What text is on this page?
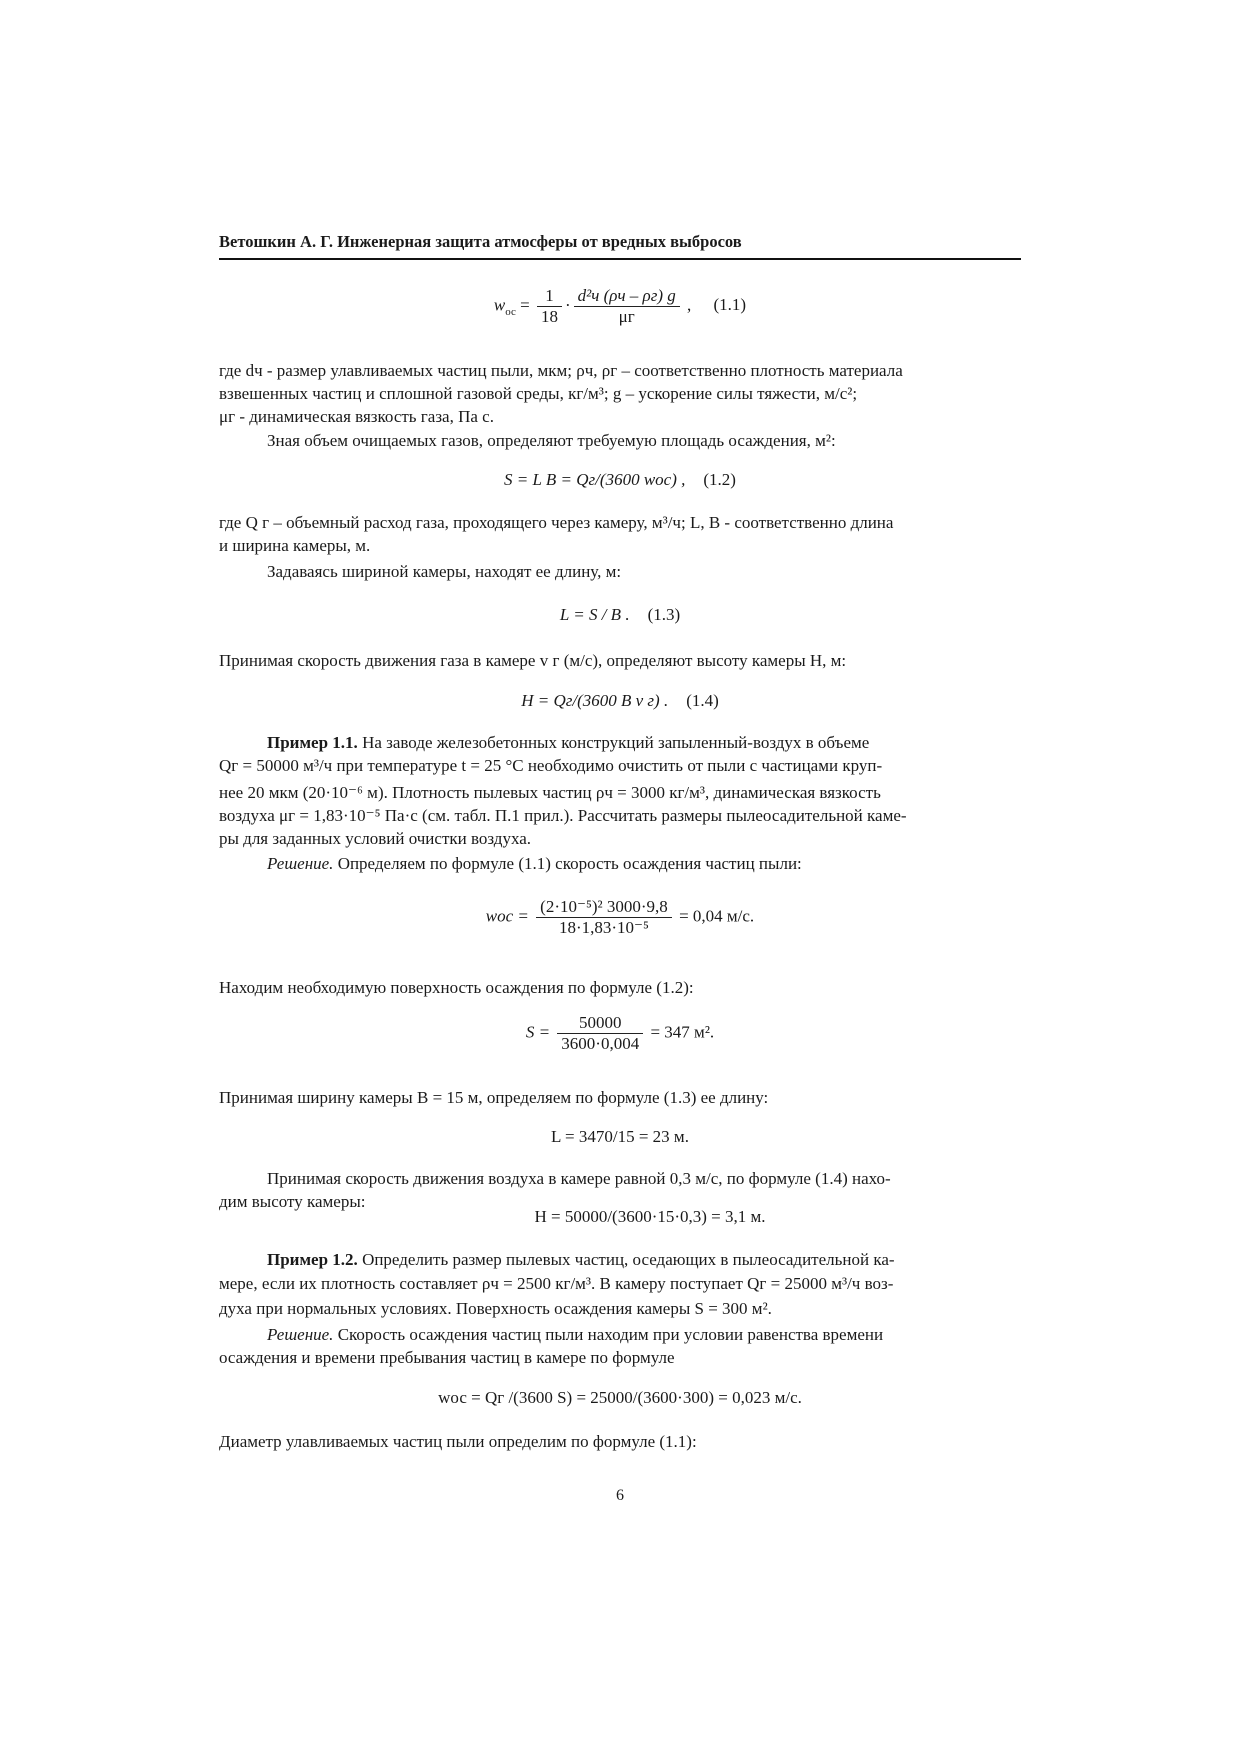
Ветошкин А. Г. Инженерная защита атмосферы от вредных выбросов
$w_{ос} = \frac{1}{18} \cdot \frac{\text{d²ч (ρч – ρг) g}}{\mu г}$ , (1.1)
где dч - размер улавливаемых частиц пыли, мкм; ρч, ρг – соответственно плотность материала
взвешенных частиц и сплошной газовой среды, кг/м³; g – ускорение силы тяжести, м/с²;
μг - динамическая вязкость газа, Па с.
Зная объем очищаемых газов, определяют требуемую площадь осаждения, м²:
S = L B = Qг/(3600 wос) , (1.2)
где Q г – объемный расход газа, проходящего через камеру, м³/ч; L, B - соответственно длина
и ширина камеры, м.
Задаваясь шириной камеры, находят ее длину, м:
L = S / B . (1.3)
Принимая скорость движения газа в камере v г (м/с), определяют высоту камеры H, м:
H = Qг/(3600 B v г) . (1.4)
Пример 1.1. На заводе железобетонных конструкций запыленный-воздух в объеме
Qг = 50000 м³/ч при температуре t = 25 °С необходимо очистить от пыли с частицами круп-
нее 20 мкм (20·10⁻⁶ м). Плотность пылевых частиц ρч = 3000 кг/м³, динамическая вязкость
воздуха μг = 1,83·10⁻⁵ Па·с (см. табл. П.1 прил.). Рассчитать размеры пылеосадительной каме-
ры для заданных условий очистки воздуха.
Решение. Определяем по формуле (1.1) скорость осаждения частиц пыли:
wос = $\frac{\text{(2·10⁻⁵)² 3000·9,8}}{\text{18·1,83·10⁻⁵}} = 0,04$ м/с.
Находим необходимую поверхность осаждения по формуле (1.2):
$S = \frac{50000}{3600\cdot 0,004} = 347$ м².
Принимая ширину камеры B = 15 м, определяем по формуле (1.3) ее длину:
L = 3470/15 = 23 м.
Принимая скорость движения воздуха в камере равной 0,3 м/с, по формуле (1.4) нахо-
дим высоту камеры:
H = 50000/(3600·15·0,3) = 3,1 м.
Пример 1.2. Определить размер пылевых частиц, оседающих в пылеосадительной ка-
мере, если их плотность составляет ρч = 2500 кг/м³. В камеру поступает Qг = 25000 м³/ч воз-
духа при нормальных условиях. Поверхность осаждения камеры S = 300 м².
Решение. Скорость осаждения частиц пыли находим при условии равенства времени
осаждения и времени пребывания частиц в камере по формуле
wос = Qг /(3600 S) = 25000/(3600·300) = 0,023 м/с.
Диаметр улавливаемых частиц пыли определим по формуле (1.1):
6
